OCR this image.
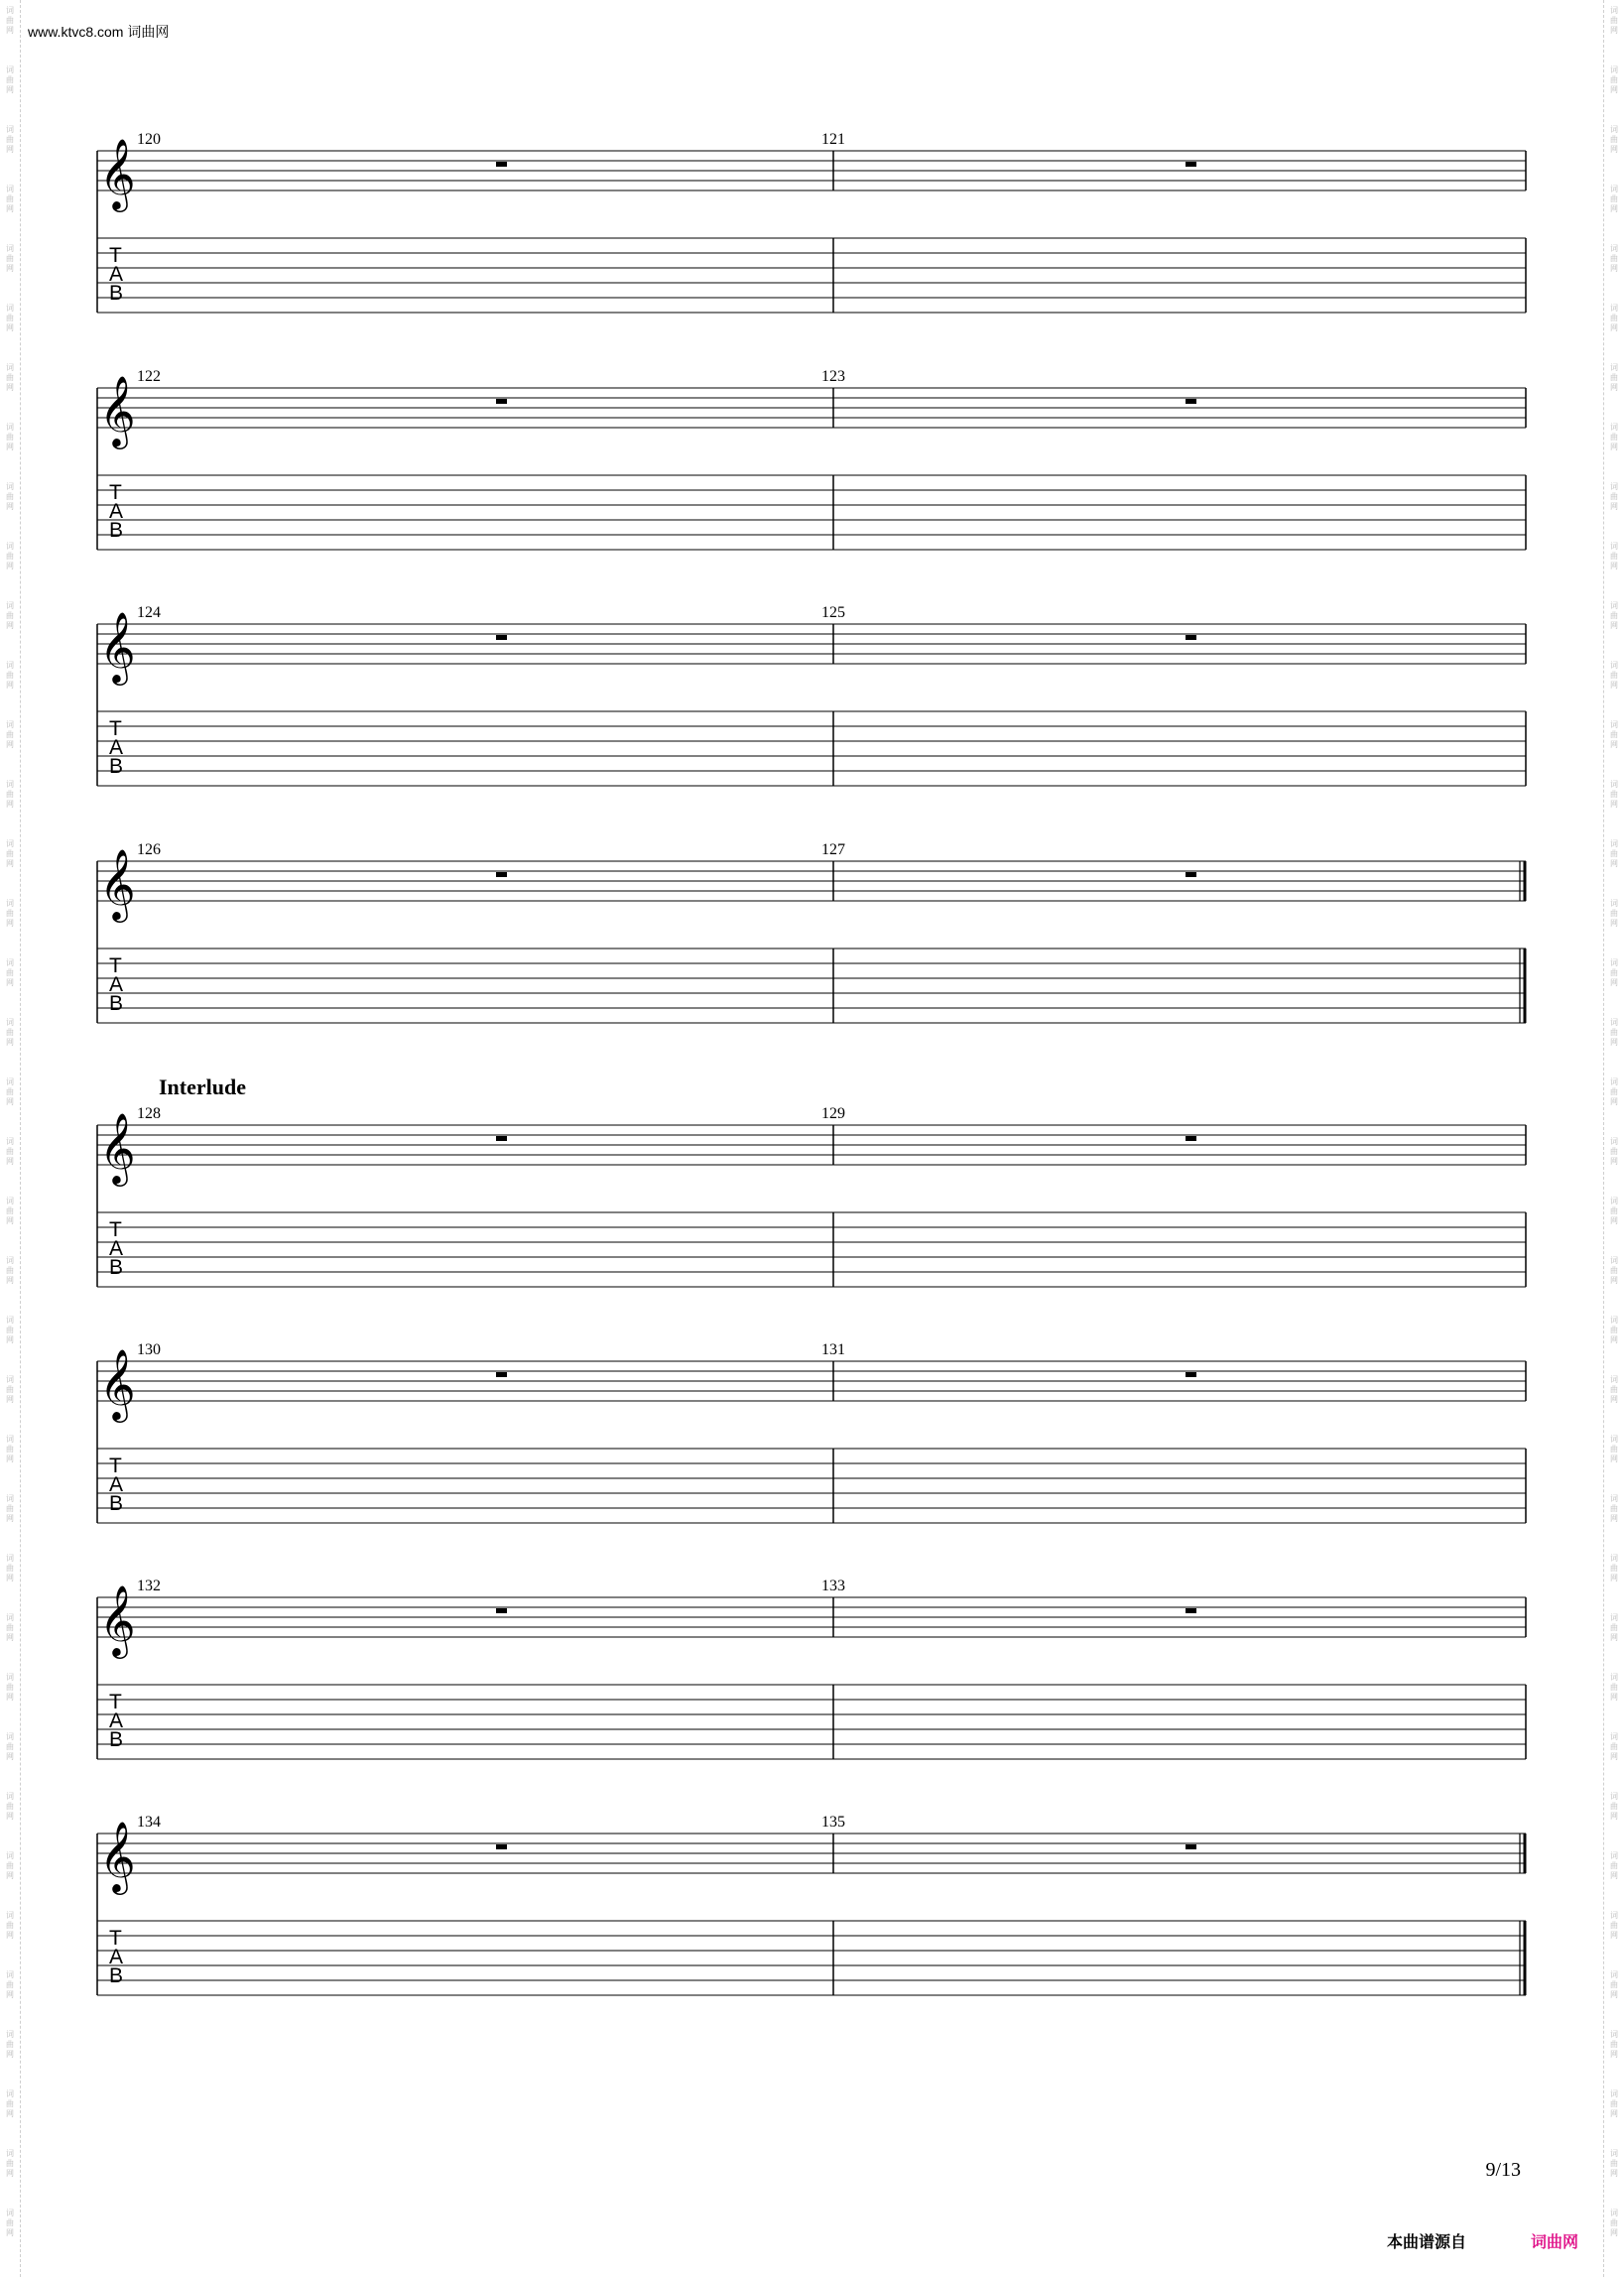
www.ktvc8.com 词曲网
𝄞
T
A
B
120	121
𝄞
T
A
B
122	123
𝄞
T
A
B
124	125
𝄞
T
A
B
126	127
𝄞
T
A
B
128	129
Interlude
𝄞
T
A
B
130	131
𝄞
T
A
B
132	133
𝄞
T
A
B
134	135
9/13
本曲谱源自	词曲网
词
曲
网
词
曲
网
词
曲
网
词
曲
网
词
曲
网
词
曲
网
词
曲
网
词
曲
网
词
曲
网
词
曲
网
词
曲
网
词
曲
网
词
曲
网
词
曲
网
词
曲
网
词
曲
网
词
曲
网
词
曲
网
词
曲
网
词
曲
网
词
曲
网
词
曲
网
词
曲
网
词
曲
网
词
曲
网
词
曲
网
词
曲
网
词
曲
网
词
曲
网
词
曲
网
词
曲
网
词
曲
网
词
曲
网
词
曲
网
词
曲
网
词
曲
网
词
曲
网
词
曲
网
词
曲
网
词
曲
网
词
曲
网
词
曲
网
词
曲
网
词
曲
网
词
曲
网
词
曲
网
词
曲
网
词
曲
网
词
曲
网
词
曲
网
词
曲
网
词
曲
网
词
曲
网
词
曲
网
词
曲
网
词
曲
网
词
曲
网
词
曲
网
词
曲
网
词
曲
网
词
曲
网
词
曲
网
词
曲
网
词
曲
网
词
曲
网
词
曲
网
词
曲
网
词
曲
网
词
曲
网
词
曲
网
词
曲
网
词
曲
网
词
曲
网
词
曲
网
词
曲
网
词
曲
网
